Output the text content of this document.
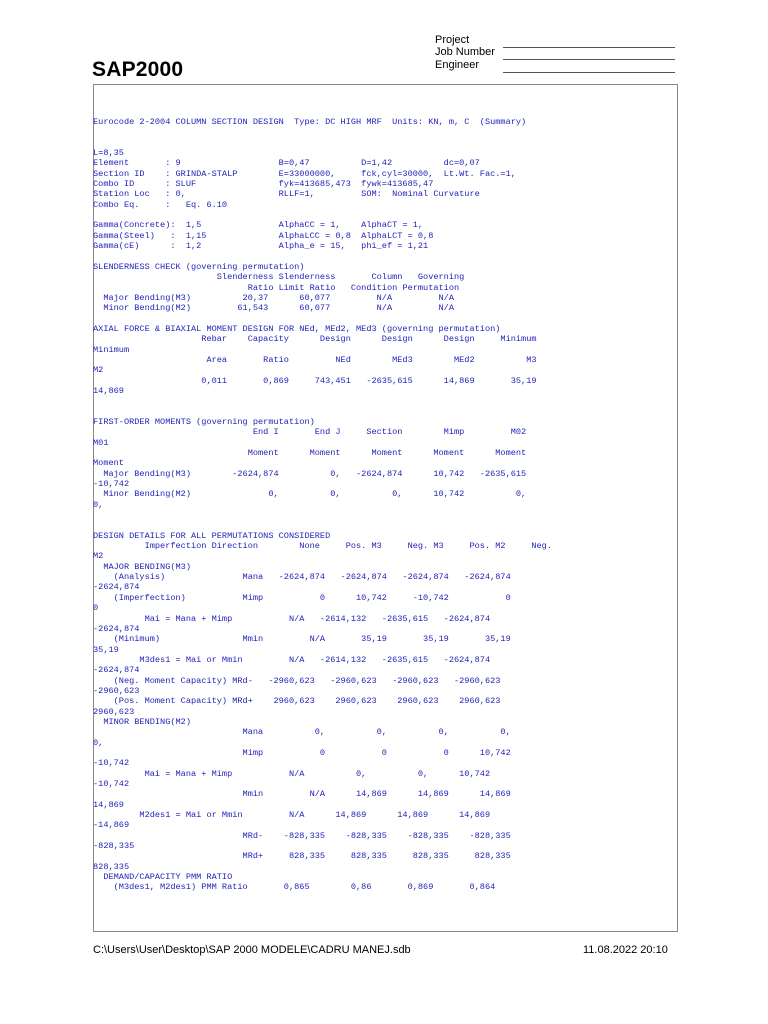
SAP2000
Project
Job Number
Engineer
Eurocode 2-2004 COLUMN SECTION DESIGN  Type: DC HIGH MRF  Units: KN, m, C  (Summary)
L=8,35
Element       : 9                   B=0,47          D=1,42          dc=0,07
Section ID    : GRINDA-STALP        E=33000000,     fck,cyl=30000,  Lt.Wt. Fac.=1,
Combo ID      : SLUF                fyk=413685,473  fywk=413685,47
Station Loc   : 0,                  RLLF=1,         SOM:  Nominal Curvature
Combo Eq.     :   Eq. 6.10
Gamma(Concrete):  1,5               AlphaCC = 1,    AlphaCT = 1,
Gamma(Steel)   :  1,15              AlphaLCC = 0,8  AlphaLCT = 0,8
Gamma(cE)      :  1,2               Alpha_e = 15,   phi_ef = 1,21
SLENDERNESS CHECK (governing permutation)
Slenderness Slenderness       Column   Governing
Ratio Limit Ratio   Condition Permutation
Major Bending(M3)          20,37      60,077         N/A         N/A
Minor Bending(M2)         61,543      60,077         N/A         N/A
AXIAL FORCE & BIAXIAL MOMENT DESIGN FOR NEd, MEd2, MEd3 (governing permutation)
Rebar    Capacity      Design      Design      Design     Minimum
Minimum
Area       Ratio         NEd        MEd3        MEd2          M3
M2
0,011       0,869     743,451   -2635,615      14,869       35,19
14,869
FIRST-ORDER MOMENTS (governing permutation)
End I       End J     Section        Mimp         M02
M01
Moment      Moment      Moment      Moment      Moment
Moment
Major Bending(M3)        -2624,874          0,   -2624,874      10,742   -2635,615
-10,742
Minor Bending(M2)               0,          0,          0,      10,742          0,
0,
DESIGN DETAILS FOR ALL PERMUTATIONS CONSIDERED
Imperfection Direction        None     Pos. M3     Neg. M3     Pos. M2     Neg.
M2
MAJOR BENDING(M3)
(Analysis)               Mana   -2624,874   -2624,874   -2624,874   -2624,874
-2624,874
(Imperfection)           Mimp           0      10,742     -10,742           0
0
Mai = Mana + Mimp           N/A   -2614,132   -2635,615   -2624,874
-2624,874
(Minimum)                Mmin         N/A       35,19       35,19       35,19
35,19
M3des1 = Mai or Mmin         N/A   -2614,132   -2635,615   -2624,874
-2624,874
(Neg. Moment Capacity) MRd-   -2960,623   -2960,623   -2960,623   -2960,623
-2960,623
(Pos. Moment Capacity) MRd+    2960,623    2960,623    2960,623    2960,623
2960,623
MINOR BENDING(M2)
Mana          0,          0,          0,          0,
0,
Mimp           0           0           0      10,742
-10,742
Mai = Mana + Mimp           N/A          0,          0,      10,742
-10,742
Mmin         N/A      14,869      14,869      14,869
14,869
M2des1 = Mai or Mmin         N/A      14,869      14,869      14,869
-14,869
MRd-    -828,335    -828,335    -828,335    -828,335
-828,335
MRd+     828,335     828,335     828,335     828,335
828,335
DEMAND/CAPACITY PMM RATIO
(M3des1, M2des1) PMM Ratio       0,865        0,86       0,869       0,864
C:\Users\User\Desktop\SAP 2000 MODELE\CADRU MANEJ.sdb	11.08.2022 20:10
